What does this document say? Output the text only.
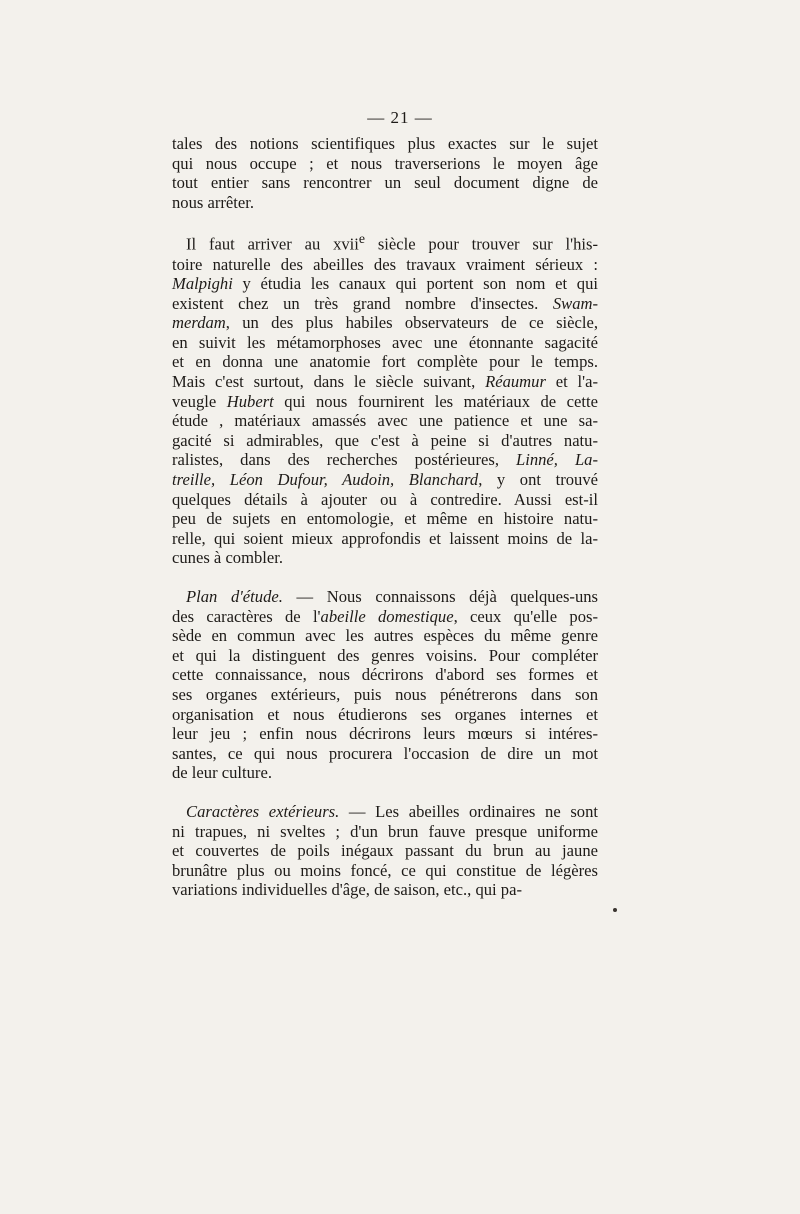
— 21 —
tales des notions scientifiques plus exactes sur le sujet
qui nous occupe ; et nous traverserions le moyen âge
tout entier sans rencontrer un seul document digne de
nous arrêter.
Il faut arriver au xvii$^e$ siècle pour trouver sur l'his-
toire naturelle des abeilles des travaux vraiment sérieux :
Malpighi y étudia les canaux qui portent son nom et qui
existent chez un très grand nombre d'insectes. Swam-
merdam, un des plus habiles observateurs de ce siècle,
en suivit les métamorphoses avec une étonnante sagacité
et en donna une anatomie fort complète pour le temps.
Mais c'est surtout, dans le siècle suivant, Réaumur et l'a-
veugle Hubert qui nous fournirent les matériaux de cette
étude , matériaux amassés avec une patience et une sa-
gacité si admirables, que c'est à peine si d'autres natu-
ralistes, dans des recherches postérieures, Linné, La-
treille, Léon Dufour, Audoin, Blanchard, y ont trouvé
quelques détails à ajouter ou à contredire. Aussi est-il
peu de sujets en entomologie, et même en histoire natu-
relle, qui soient mieux approfondis et laissent moins de la-
cunes à combler.
Plan d'étude. — Nous connaissons déjà quelques-uns
des caractères de l'abeille domestique, ceux qu'elle pos-
sède en commun avec les autres espèces du même genre
et qui la distinguent des genres voisins. Pour compléter
cette connaissance, nous décrirons d'abord ses formes et
ses organes extérieurs, puis nous pénétrerons dans son
organisation et nous étudierons ses organes internes et
leur jeu ; enfin nous décrirons leurs mœurs si intéres-
santes, ce qui nous procurera l'occasion de dire un mot
de leur culture.
Caractères extérieurs. — Les abeilles ordinaires ne sont
ni trapues, ni sveltes ; d'un brun fauve presque uniforme
et couvertes de poils inégaux passant du brun au jaune
brunâtre plus ou moins foncé, ce qui constitue de légères
variations individuelles d'âge, de saison, etc., qui pa-
